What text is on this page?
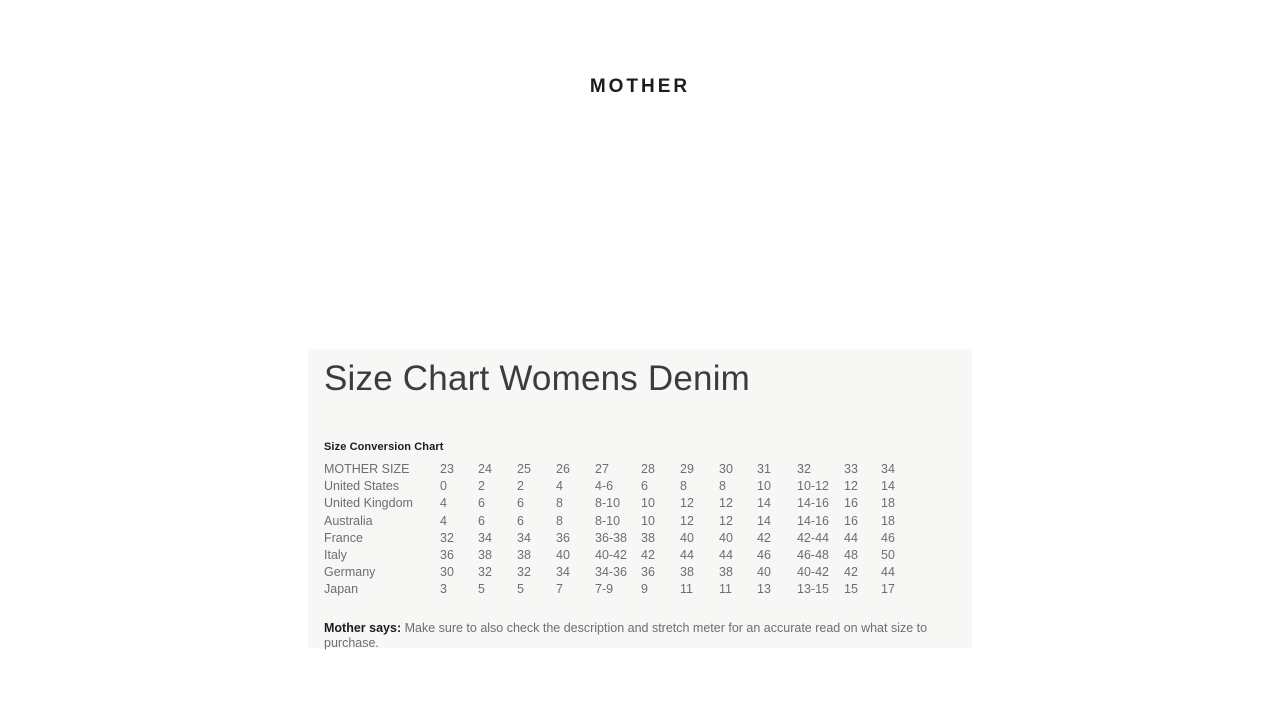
MOTHER
Size Chart Womens Denim
Size Conversion Chart
MOTHER SIZE	23	24	25	26	27	28	29	30	31	32	33	34
United States	0	2	2	4	4-6	6	8	8	10	10-12	12	14
United Kingdom	4	6	6	8	8-10	10	12	12	14	14-16	16	18
Australia	4	6	6	8	8-10	10	12	12	14	14-16	16	18
France	32	34	34	36	36-38	38	40	40	42	42-44	44	46
Italy	36	38	38	40	40-42	42	44	44	46	46-48	48	50
Germany	30	32	32	34	34-36	36	38	38	40	40-42	42	44
Japan	3	5	5	7	7-9	9	11	11	13	13-15	15	17

Mother says: Make sure to also check the description and stretch meter for an accurate read on what size to purchase.
